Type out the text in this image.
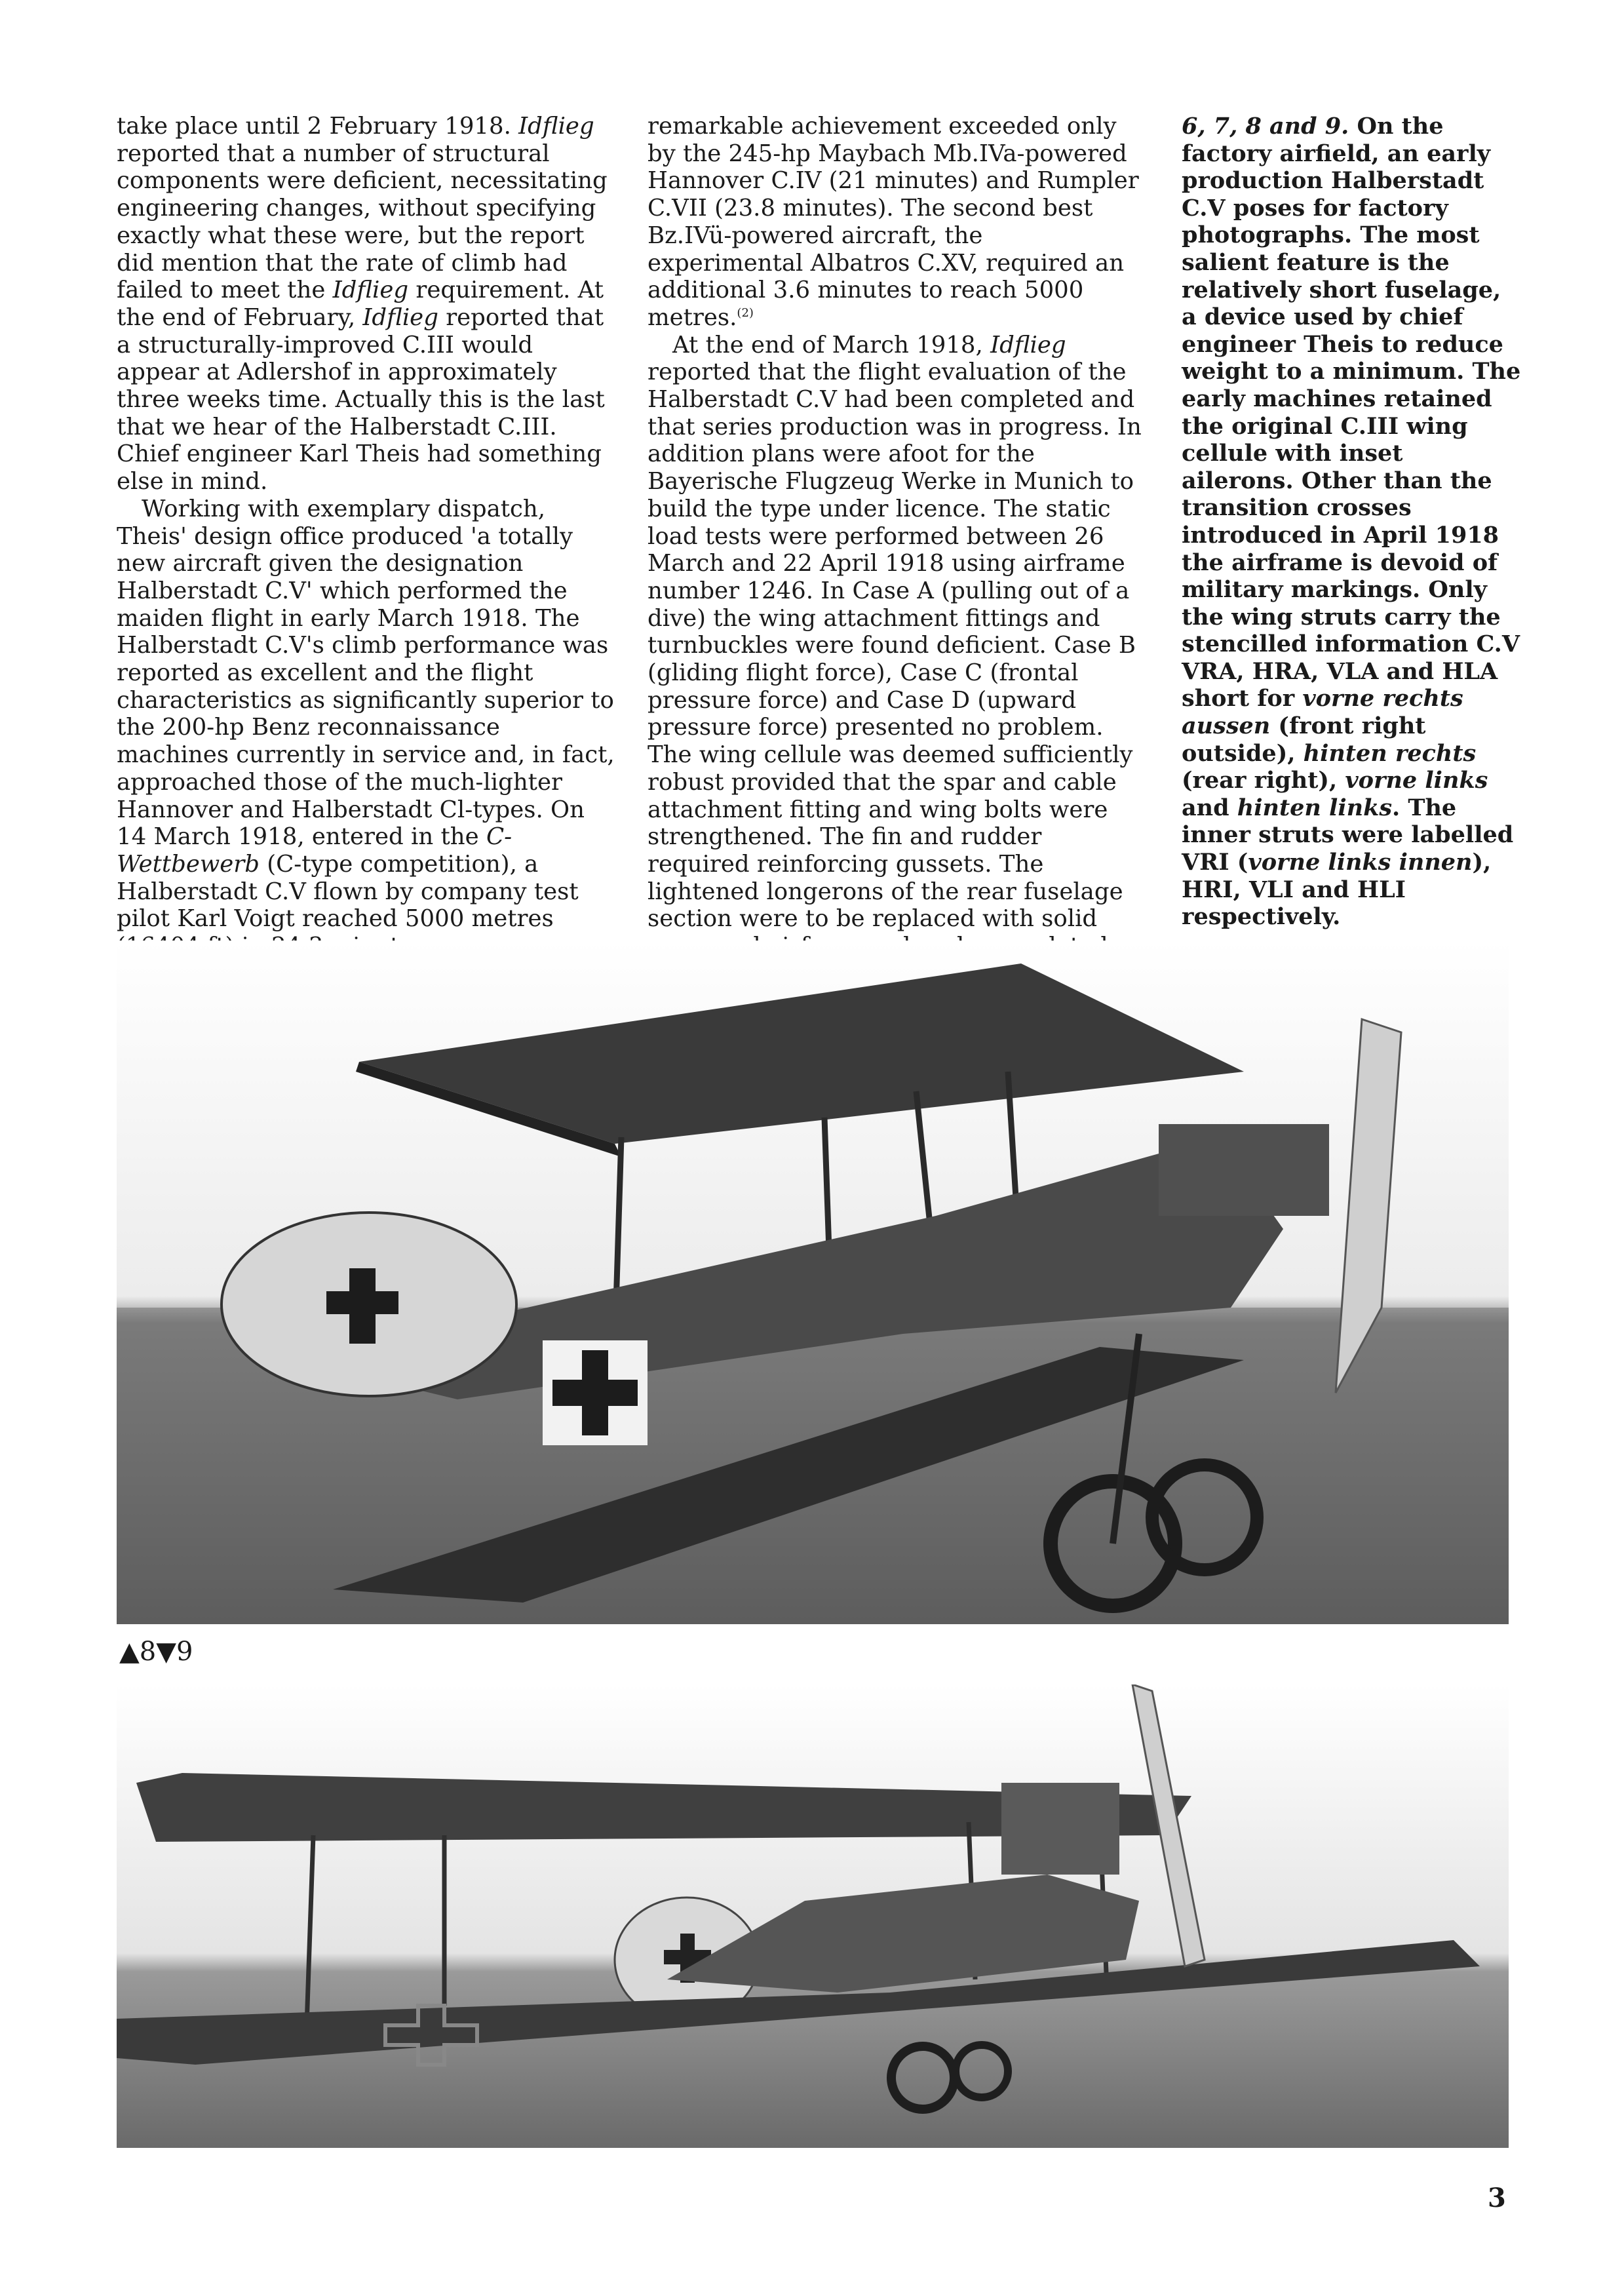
take place until 2 February 1918. Idflieg reported that a number of structural components were deficient, necessitating engineering changes, without specifying exactly what these were, but the report did mention that the rate of climb had failed to meet the Idflieg requirement. At the end of February, Idflieg reported that a structurally-improved C.III would appear at Adlershof in approximately three weeks time. Actually this is the last that we hear of the Halberstadt C.III. Chief engineer Karl Theis had something else in mind.

Working with exemplary dispatch, Theis' design office produced 'a totally new aircraft given the designation Halberstadt C.V' which performed the maiden flight in early March 1918. The Halberstadt C.V's climb performance was reported as excellent and the flight characteristics as significantly superior to the 200-hp Benz reconnaissance machines currently in service and, in fact, approached those of the much-lighter Hannover and Halberstadt Cl-types. On 14 March 1918, entered in the C-Wettbewerb (C-type competition), a Halberstadt C.V flown by company test pilot Karl Voigt reached 5000 metres

remarkable achievement exceeded only by the 245-hp Maybach Mb.IVa-powered Hannover C.IV (21 minutes) and Rumpler C.VII (23.8 minutes). The second best Bz.IVü-powered aircraft, the experimental Albatros C.XV, required an additional 3.6 minutes to reach 5000 metres.$^{(2)}$

At the end of March 1918, Idflieg reported that the flight evaluation of the Halberstadt C.V had been completed and that series production was in progress. In addition plans were afoot for the Bayerische Flugzeug Werke in Munich to build the type under licence. The static load tests were performed between 26 March and 22 April 1918 using airframe number 1246. In Case A (pulling out of a dive) the wing attachment fittings and turnbuckles were found deficient. Case B (gliding flight force), Case C (frontal pressure force) and Case D (upward pressure force) presented no problem. The wing cellule was deemed sufficiently robust provided that the spar and cable attachment fitting and wing bolts were strengthened. The fin and rudder required reinforcing gussets. The lightened longerons of the rear fuselage section were to be replaced with solid

6, 7, 8 and 9. On the factory airfield, an early production Halberstadt C.V poses for factory photographs. The most salient feature is the relatively short fuselage, a device used by chief engineer Theis to reduce weight to a minimum. The early machines retained the original C.III wing cellule with inset ailerons. Other than the transition crosses introduced in April 1918 the airframe is devoid of military markings. Only the wing struts carry the stencilled information C.V VRA, HRA, VLA and HLA short for vorne rechts aussen (front right outside), hinten rechts (rear right), vorne links and hinten links. The inner struts were labelled VRI (vorne links innen), HRI, VLI and HLI respectively.

▲8▼9
3
